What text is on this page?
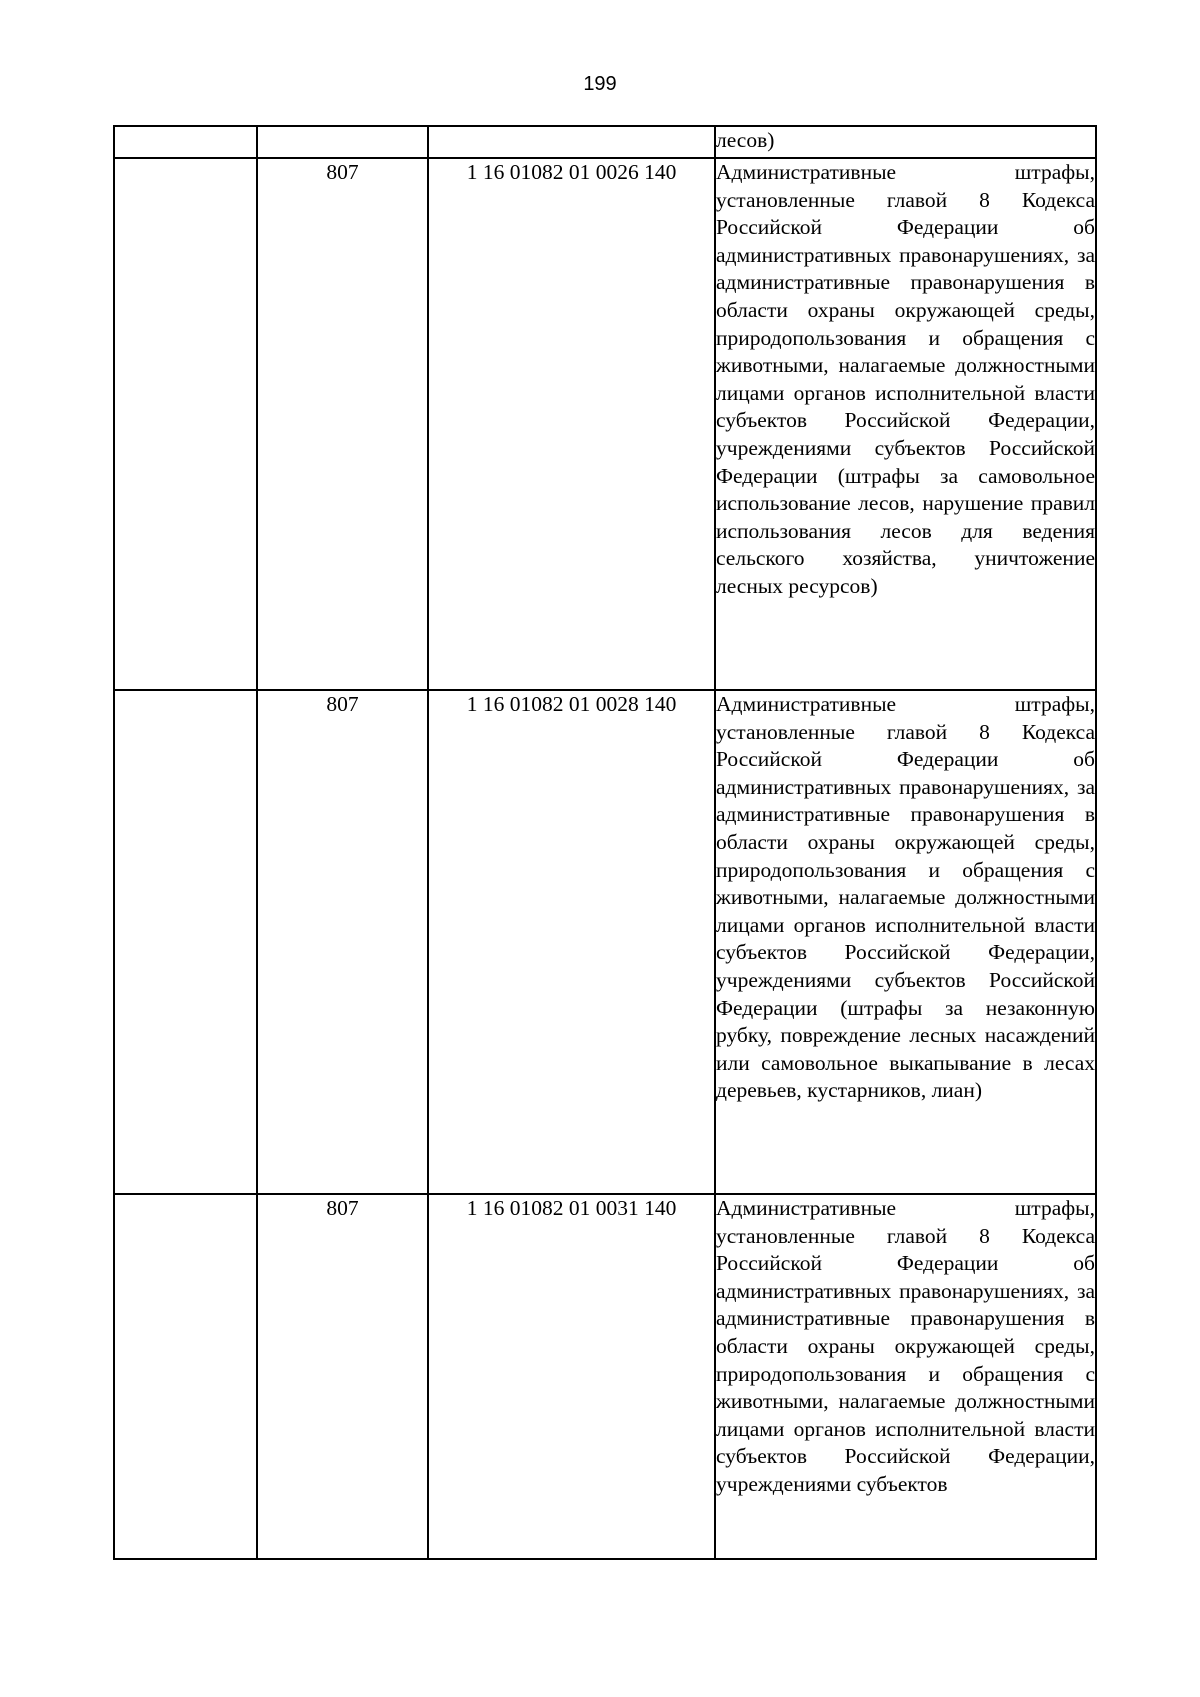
199
			лесов)
	807	1 16 01082 01 0026 140	Административные штрафы, установленные главой 8 Кодекса Российской Федерации об административных правонарушениях, за административные правонарушения в области охраны окружающей среды, природопользования и обращения с животными, налагаемые должностными лицами органов исполнительной власти субъектов Российской Федерации, учреждениями субъектов Российской Федерации (штрафы за самовольное использование лесов, нарушение правил использования лесов для ведения сельского хозяйства, уничтожение лесных ресурсов)
	807	1 16 01082 01 0028 140	Административные штрафы, установленные главой 8 Кодекса Российской Федерации об административных правонарушениях, за административные правонарушения в области охраны окружающей среды, природопользования и обращения с животными, налагаемые должностными лицами органов исполнительной власти субъектов Российской Федерации, учреждениями субъектов Российской Федерации (штрафы за незаконную рубку, повреждение лесных насаждений или самовольное выкапывание в лесах деревьев, кустарников, лиан)
	807	1 16 01082 01 0031 140	Административные штрафы, установленные главой 8 Кодекса Российской Федерации об административных правонарушениях, за административные правонарушения в области охраны окружающей среды, природопользования и обращения с животными, налагаемые должностными лицами органов исполнительной власти субъектов Российской Федерации, учреждениями субъектов
